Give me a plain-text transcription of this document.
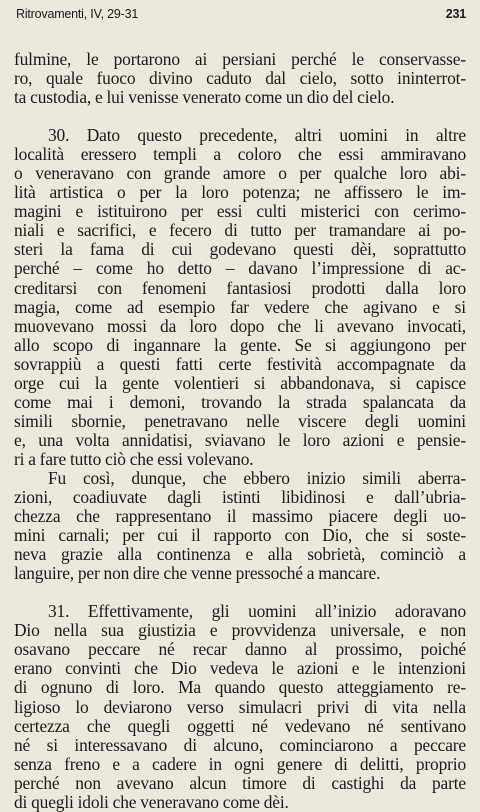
Ritrovamenti, IV, 29-31	231
fulmine, le portarono ai persiani perché le conservasse-
ro, quale fuoco divino caduto dal cielo, sotto ininterrot-
ta custodia, e lui venisse venerato come un dio del cielo.
30. Dato questo precedente, altri uomini in altre
località eressero templi a coloro che essi ammiravano
o veneravano con grande amore o per qualche loro abi-
lità artistica o per la loro potenza; ne affissero le im-
magini e istituirono per essi culti misterici con cerimo-
niali e sacrifici, e fecero di tutto per tramandare ai po-
steri la fama di cui godevano questi dèi, soprattutto
perché – come ho detto – davano l’impressione di ac-
creditarsi con fenomeni fantasiosi prodotti dalla loro
magia, come ad esempio far vedere che agivano e si
muovevano mossi da loro dopo che li avevano invocati,
allo scopo di ingannare la gente. Se si aggiungono per
sovrappiù a questi fatti certe festività accompagnate da
orge cui la gente volentieri si abbandonava, si capisce
come mai i demoni, trovando la strada spalancata da
simili sbornie, penetravano nelle viscere degli uomini
e, una volta annidatisi, sviavano le loro azioni e pensie-
ri a fare tutto ciò che essi volevano.
Fu così, dunque, che ebbero inizio simili aberra-
zioni, coadiuvate dagli istinti libidinosi e dall’ubria-
chezza che rappresentano il massimo piacere degli uo-
mini carnali; per cui il rapporto con Dio, che si soste-
neva grazie alla continenza e alla sobrietà, cominciò a
languire, per non dire che venne pressoché a mancare.
31. Effettivamente, gli uomini all’inizio adoravano
Dio nella sua giustizia e provvidenza universale, e non
osavano peccare né recar danno al prossimo, poiché
erano convinti che Dio vedeva le azioni e le intenzioni
di ognuno di loro. Ma quando questo atteggiamento re-
ligioso lo deviarono verso simulacri privi di vita nella
certezza che quegli oggetti né vedevano né sentivano
né si interessavano di alcuno, cominciarono a peccare
senza freno e a cadere in ogni genere di delitti, proprio
perché non avevano alcun timore di castighi da parte
di quegli idoli che veneravano come dèi.
